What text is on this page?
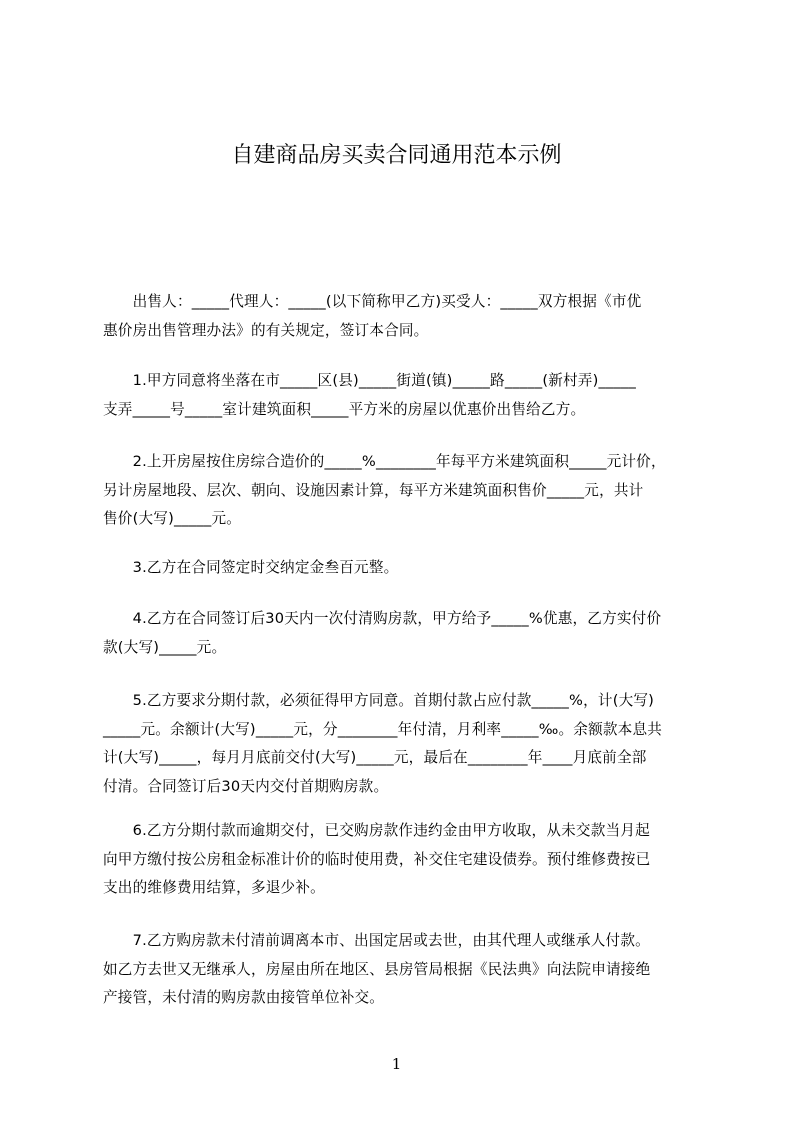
自建商品房买卖合同通用范本示例

　　出售人：_____代理人：_____(以下简称甲乙方)买受人：_____双方根据《市优
惠价房出售管理办法》的有关规定，签订本合同。

　　1.甲方同意将坐落在市_____区(县)_____街道(镇)_____路_____(新村弄)_____
支弄_____号_____室计建筑面积_____平方米的房屋以优惠价出售给乙方。

　　2.上开房屋按住房综合造价的_____%________年每平方米建筑面积_____元计价，
另计房屋地段、层次、朝向、设施因素计算，每平方米建筑面积售价_____元，共计
售价(大写)_____元。

　　3.乙方在合同签定时交纳定金叁百元整。

　　4.乙方在合同签订后30天内一次付清购房款，甲方给予_____%优惠，乙方实付价
款(大写)_____元。

　　5.乙方要求分期付款，必须征得甲方同意。首期付款占应付款_____%，计(大写)
_____元。余额计(大写)_____元，分________年付清，月利率_____‰。余额款本息共
计(大写)_____，每月月底前交付(大写)_____元，最后在________年____月底前全部
付清。合同签订后30天内交付首期购房款。

　　6.乙方分期付款而逾期交付，已交购房款作违约金由甲方收取，从未交款当月起
向甲方缴付按公房租金标准计价的临时使用费，补交住宅建设债券。预付维修费按已
支出的维修费用结算，多退少补。

　　7.乙方购房款未付清前调离本市、出国定居或去世，由其代理人或继承人付款。
如乙方去世又无继承人，房屋由所在地区、县房管局根据《民法典》向法院申请接绝
产接管，未付清的购房款由接管单位补交。

1
